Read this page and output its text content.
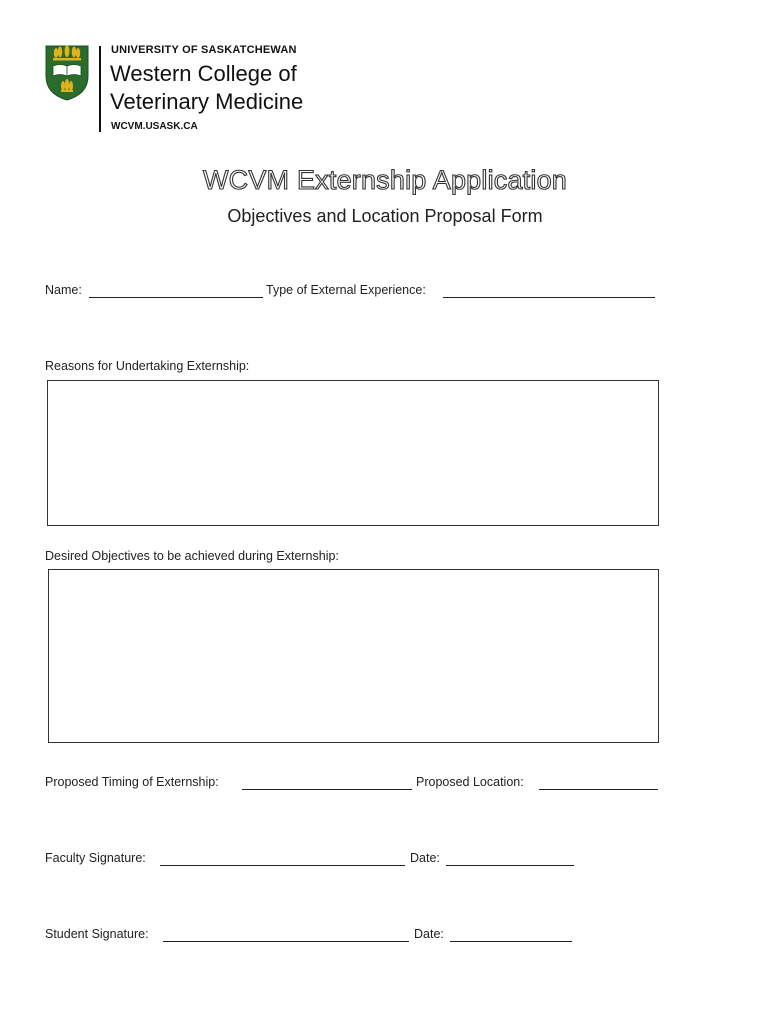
UNIVERSITY OF SASKATCHEWAN
Western College of
Veterinary Medicine
WCVM.USASK.CA
WCVM Externship Application
Objectives and Location Proposal Form
Name:	Type of External Experience:
Reasons for Undertaking Externship:
Desired Objectives to be achieved during Externship:
Proposed Timing of Externship:	Proposed Location:
Faculty Signature:	Date:
Student Signature:	Date:
